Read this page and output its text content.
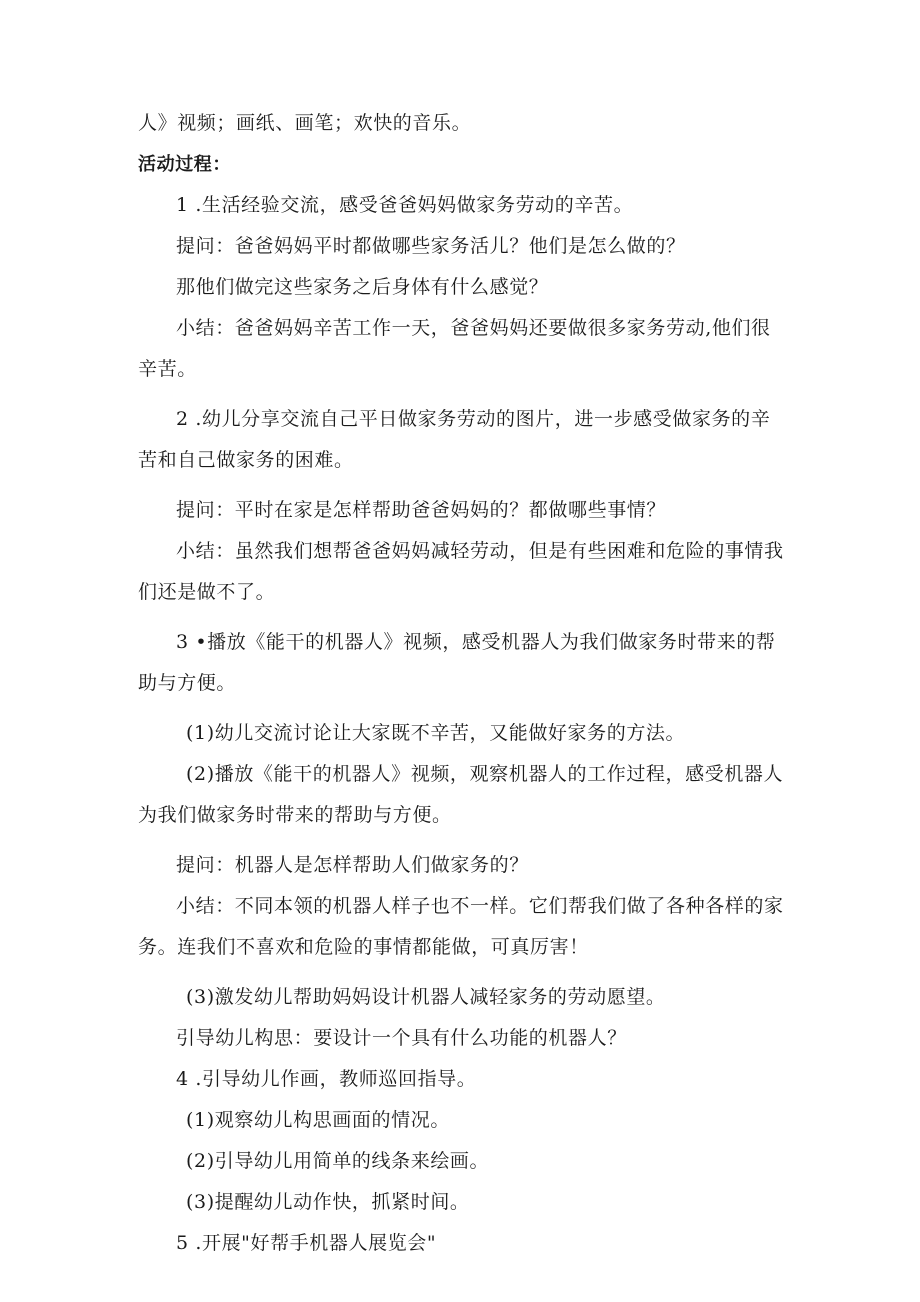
人》视频；画纸、画笔；欢快的音乐。
活动过程：
1 .生活经验交流，感受爸爸妈妈做家务劳动的辛苦。
提问：爸爸妈妈平时都做哪些家务活儿？他们是怎么做的？
那他们做完这些家务之后身体有什么感觉？
小结：爸爸妈妈辛苦工作一天，爸爸妈妈还要做很多家务劳动,他们很辛苦。
2 .幼儿分享交流自己平日做家务劳动的图片，进一步感受做家务的辛苦和自己做家务的困难。
提问：平时在家是怎样帮助爸爸妈妈的？都做哪些事情？
小结：虽然我们想帮爸爸妈妈减轻劳动，但是有些困难和危险的事情我们还是做不了。
3 •播放《能干的机器人》视频，感受机器人为我们做家务时带来的帮助与方便。
(1)幼儿交流讨论让大家既不辛苦，又能做好家务的方法。
(2)播放《能干的机器人》视频，观察机器人的工作过程，感受机器人为我们做家务时带来的帮助与方便。
提问：机器人是怎样帮助人们做家务的？
小结：不同本领的机器人样子也不一样。它们帮我们做了各种各样的家务。连我们不喜欢和危险的事情都能做，可真厉害！
(3)激发幼儿帮助妈妈设计机器人减轻家务的劳动愿望。
引导幼儿构思：要设计一个具有什么功能的机器人？
4 .引导幼儿作画，教师巡回指导。
(1)观察幼儿构思画面的情况。
(2)引导幼儿用简单的线条来绘画。
(3)提醒幼儿动作快，抓紧时间。
5 .开展"好帮手机器人展览会"
